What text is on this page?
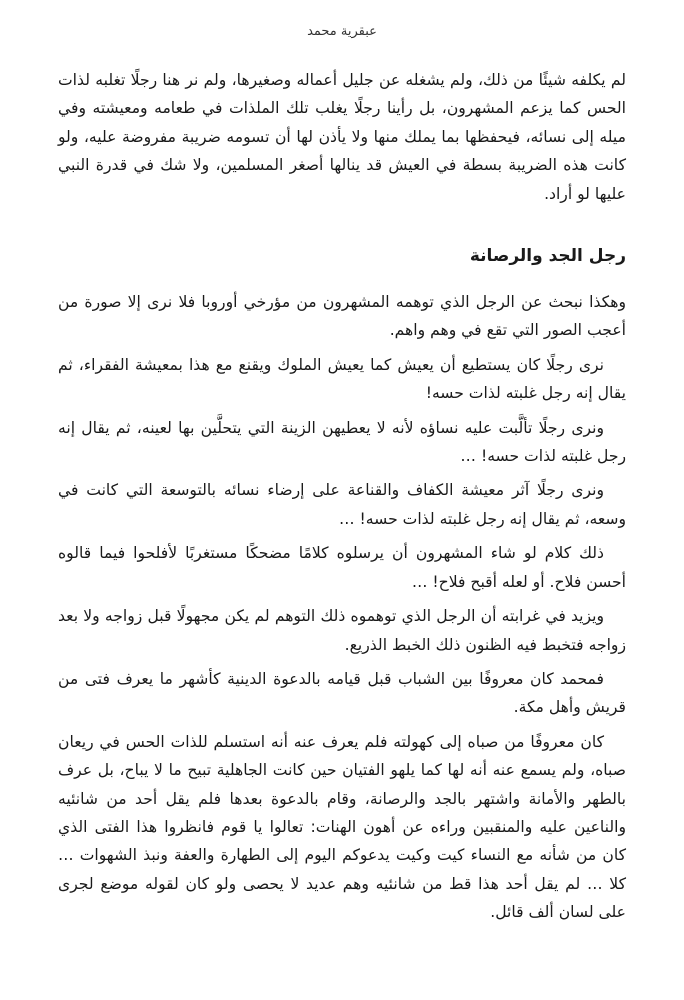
عبقرية محمد

لم يكلفه شيئًا من ذلك، ولم يشغله عن جليل أعماله وصغيرها، ولم نر هنا رجلًا تغلبه لذات الحس كما يزعم المشهرون، بل رأينا رجلًا يغلب تلك الملذات في طعامه ومعيشته وفي ميله إلى نسائه، فيحفظها بما يملك منها ولا يأذن لها أن تسومه ضريبة مفروضة عليه، ولو كانت هذه الضريبة بسطة في العيش قد ينالها أصغر المسلمين، ولا شك في قدرة النبي عليها لو أراد.

رجل الجد والرصانة

وهكذا نبحث عن الرجل الذي توهمه المشهرون من مؤرخي أوروبا فلا نرى إلا صورة من أعجب الصور التي تقع في وهم واهم.

نرى رجلًا كان يستطيع أن يعيش كما يعيش الملوك ويقنع مع هذا بمعيشة الفقراء، ثم يقال إنه رجل غلبته لذات حسه!

ونرى رجلًا تألَّبت عليه نساؤه لأنه لا يعطيهن الزينة التي يتحلَّين بها لعينه، ثم يقال إنه رجل غلبته لذات حسه! …

ونرى رجلًا آثر معيشة الكفاف والقناعة على إرضاء نسائه بالتوسعة التي كانت في وسعه، ثم يقال إنه رجل غلبته لذات حسه! …

ذلك كلام لو شاء المشهرون أن يرسلوه كلامًا مضحكًا مستغربًا لأفلحوا فيما قالوه أحسن فلاح. أو لعله أقبح فلاح! …

ويزيد في غرابته أن الرجل الذي توهموه ذلك التوهم لم يكن مجهولًا قبل زواجه ولا بعد زواجه فتخبط فيه الظنون ذلك الخبط الذريع.

فمحمد كان معروفًا بين الشباب قبل قيامه بالدعوة الدينية كأشهر ما يعرف فتى من قريش وأهل مكة.

كان معروفًا من صباه إلى كهولته فلم يعرف عنه أنه استسلم للذات الحس في ريعان صباه، ولم يسمع عنه أنه لها كما يلهو الفتيان حين كانت الجاهلية تبيح ما لا يباح، بل عرف بالطهر والأمانة واشتهر بالجد والرصانة، وقام بالدعوة بعدها فلم يقل أحد من شانئيه والناعين عليه والمنقبين وراءه عن أهون الهنات: تعالوا يا قوم فانظروا هذا الفتى الذي كان من شأنه مع النساء كيت وكيت يدعوكم اليوم إلى الطهارة والعفة ونبذ الشهوات … كلا … لم يقل أحد هذا قط من شانئيه وهم عديد لا يحصى ولو كان لقوله موضع لجرى على لسان ألف قائل.
